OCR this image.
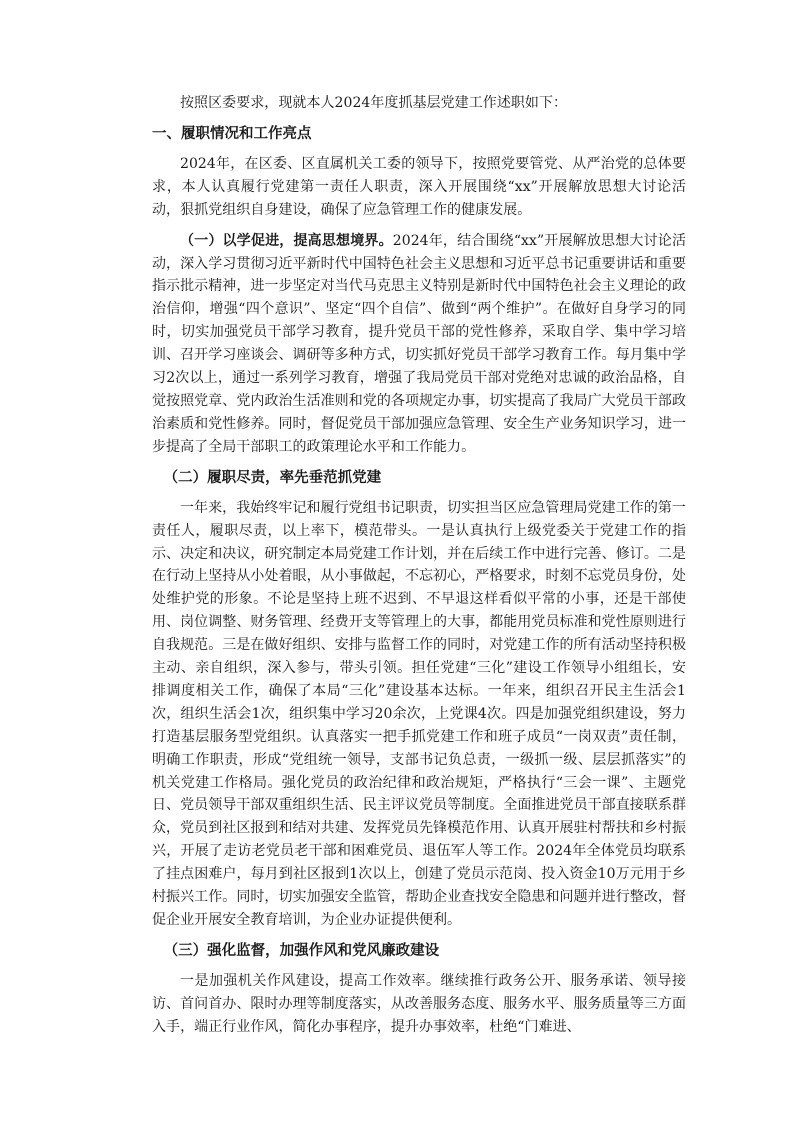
按照区委要求，现就本人2024年度抓基层党建工作述职如下：

一、履职情况和工作亮点

2024年，在区委、区直属机关工委的领导下，按照党要管党、从严治党的总体要求，本人认真履行党建第一责任人职责，深入开展围绕“xx”开展解放思想大讨论活动，狠抓党组织自身建设，确保了应急管理工作的健康发展。

（一）以学促进，提高思想境界。2024年，结合围绕“xx”开展解放思想大讨论活动，深入学习贯彻习近平新时代中国特色社会主义思想和习近平总书记重要讲话和重要指示批示精神，进一步坚定对当代马克思主义特别是新时代中国特色社会主义理论的政治信仰，增强“四个意识”、坚定“四个自信”、做到“两个维护”。在做好自身学习的同时，切实加强党员干部学习教育，提升党员干部的党性修养，采取自学、集中学习培训、召开学习座谈会、调研等多种方式，切实抓好党员干部学习教育工作。每月集中学习2次以上，通过一系列学习教育，增强了我局党员干部对党绝对忠诚的政治品格，自觉按照党章、党内政治生活准则和党的各项规定办事，切实提高了我局广大党员干部政治素质和党性修养。同时，督促党员干部加强应急管理、安全生产业务知识学习，进一步提高了全局干部职工的政策理论水平和工作能力。

（二）履职尽责，率先垂范抓党建

一年来，我始终牢记和履行党组书记职责，切实担当区应急管理局党建工作的第一责任人，履职尽责，以上率下，模范带头。一是认真执行上级党委关于党建工作的指示、决定和决议，研究制定本局党建工作计划，并在后续工作中进行完善、修订。二是在行动上坚持从小处着眼，从小事做起，不忘初心，严格要求，时刻不忘党员身份，处处维护党的形象。不论是坚持上班不迟到、不早退这样看似平常的小事，还是干部使用、岗位调整、财务管理、经费开支等管理上的大事，都能用党员标准和党性原则进行自我规范。三是在做好组织、安排与监督工作的同时，对党建工作的所有活动坚持积极主动、亲自组织，深入参与，带头引领。担任党建“三化”建设工作领导小组组长，安排调度相关工作，确保了本局“三化”建设基本达标。一年来，组织召开民主生活会1次，组织生活会1次，组织集中学习20余次，上党课4次。四是加强党组织建设，努力打造基层服务型党组织。认真落实一把手抓党建工作和班子成员“一岗双责”责任制，明确工作职责，形成“党组统一领导，支部书记负总责，一级抓一级、层层抓落实”的机关党建工作格局。强化党员的政治纪律和政治规矩，严格执行“三会一课”、主题党日、党员领导干部双重组织生活、民主评议党员等制度。全面推进党员干部直接联系群众，党员到社区报到和结对共建、发挥党员先锋模范作用、认真开展驻村帮扶和乡村振兴，开展了走访老党员老干部和困难党员、退伍军人等工作。2024年全体党员均联系了挂点困难户，每月到社区报到1次以上，创建了党员示范岗、投入资金10万元用于乡村振兴工作。同时，切实加强安全监管，帮助企业查找安全隐患和问题并进行整改，督促企业开展安全教育培训，为企业办证提供便利。

（三）强化监督，加强作风和党风廉政建设

一是加强机关作风建设，提高工作效率。继续推行政务公开、服务承诺、领导接访、首问首办、限时办理等制度落实，从改善服务态度、服务水平、服务质量等三方面入手，端正行业作风，简化办事程序，提升办事效率，杜绝“门难进、
